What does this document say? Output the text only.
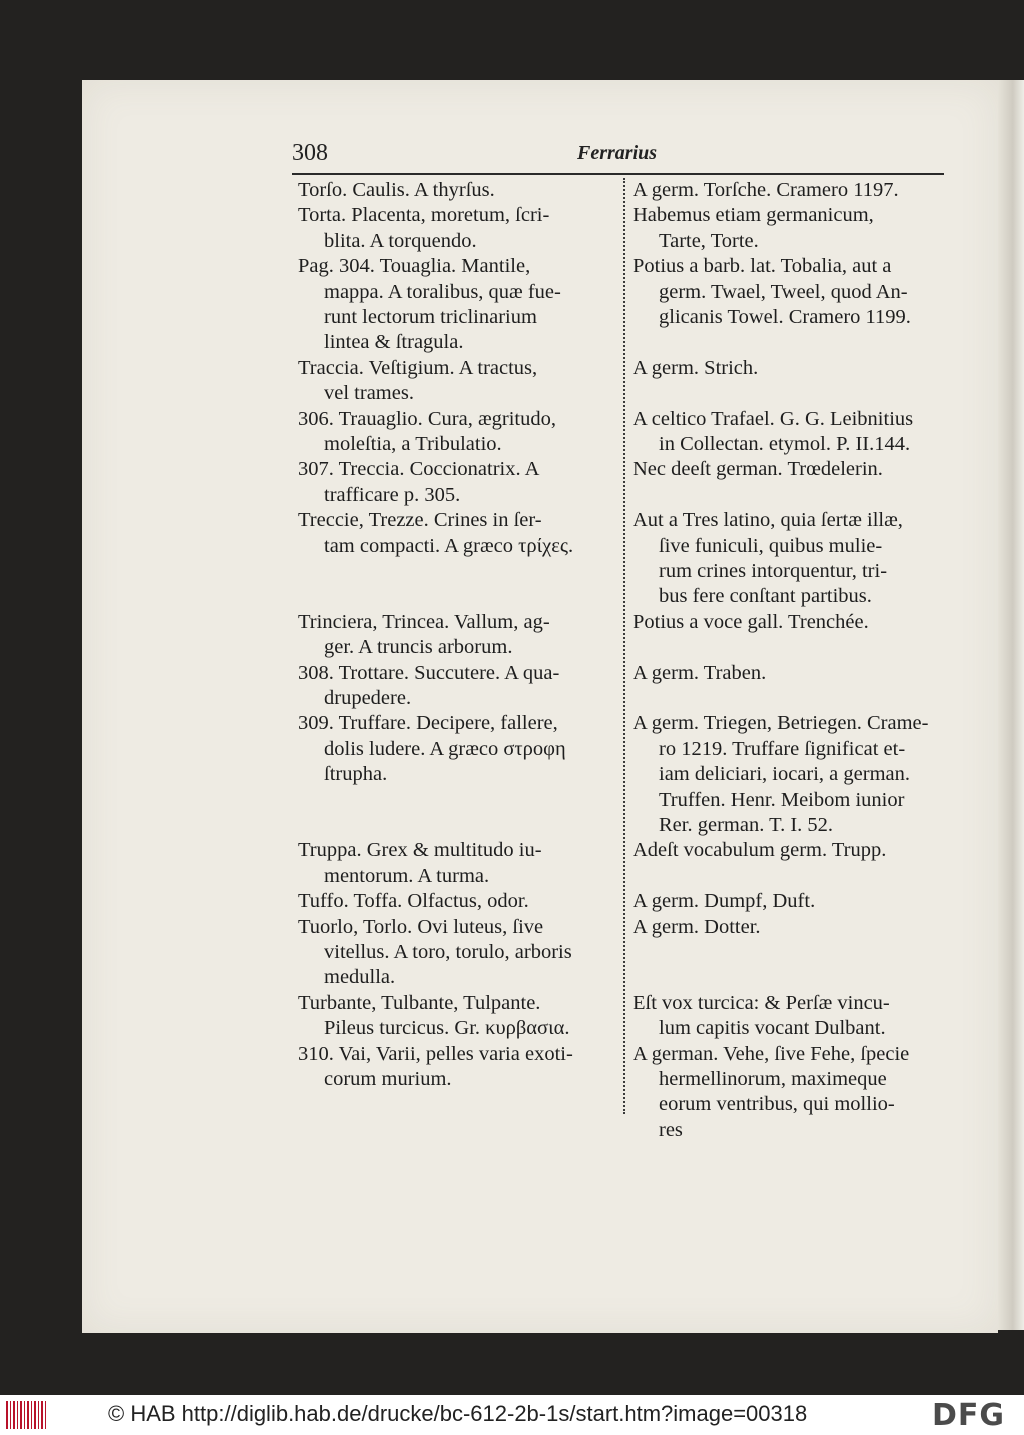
308	Ferrarius
Torſo. Caulis. A thyrſus.
Torta. Placenta, moretum, ſcri-
blita. A torquendo.
Pag. 304. Touaglia. Mantile,
mappa. A toralibus, quæ fue-
runt lectorum triclinarium
lintea & ſtragula.
Traccia. Veſtigium. A tractus,
vel trames.
306. Trauaglio. Cura, ægritudo,
moleſtia, a Tribulatio.
307. Treccia. Coccionatrix. A
trafficare p. 305.
Treccie, Trezze. Crines in ſer-
tam compacti. A græco τρίχες.
Trinciera, Trincea. Vallum, ag-
ger. A truncis arborum.
308. Trottare. Succutere. A qua-
drupedere.
309. Truffare. Decipere, fallere,
dolis ludere. A græco στροφη
ſtrupha.
Truppa. Grex & multitudo iu-
mentorum. A turma.
Tuffo. Toffa. Olfactus, odor.
Tuorlo, Torlo. Ovi luteus, ſive
vitellus. A toro, torulo, arboris
medulla.
Turbante, Tulbante, Tulpante.
Pileus turcicus. Gr. κυρβασια.
310. Vai, Varii, pelles varia exoti-
corum murium.
A germ. Torſche. Cramero 1197.
Habemus etiam germanicum,
Tarte, Torte.
Potius a barb. lat. Tobalia, aut a
germ. Twael, Tweel, quod An-
glicanis Towel. Cramero 1199.
A germ. Strich.
A celtico Trafael. G. G. Leibnitius
in Collectan. etymol. P. II.144.
Nec deeſt german. Trœdelerin.
Aut a Tres latino, quia ſertæ illæ,
ſive funiculi, quibus mulie-
rum crines intorquentur, tri-
bus fere conſtant partibus.
Potius a voce gall. Trenchée.
A germ. Traben.
A germ. Triegen, Betriegen. Crame-
ro 1219. Truffare ſignificat et-
iam deliciari, iocari, a german.
Truffen. Henr. Meibom iunior
Rer. german. T. I. 52.
Adeſt vocabulum germ. Trupp.
A germ. Dumpf, Duft.
A germ. Dotter.
Eſt vox turcica: & Perſæ vincu-
lum capitis vocant Dulbant.
A german. Vehe, ſive Fehe, ſpecie
hermellinorum, maximeque
eorum ventribus, qui mollio-
res
© HAB http://diglib.hab.de/drucke/bc-612-2b-1s/start.htm?image=00318	DFG
